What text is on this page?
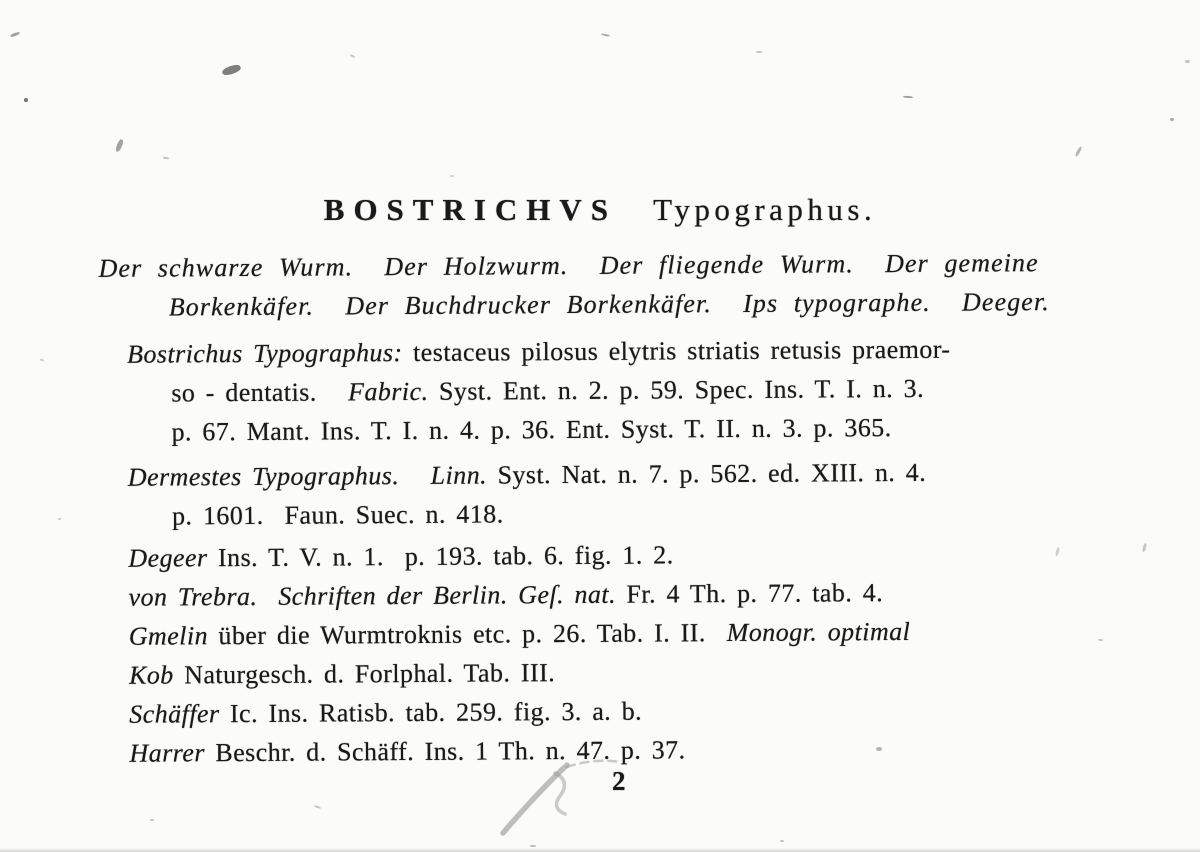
BOSTRICHVS Typographus.
Der schwarze Wurm.  Der Holzwurm.  Der fliegende Wurm.  Der gemeine
Borkenkäfer.  Der Buchdrucker Borkenkäfer.  Ips typographe.  Deeger.
Bostrichus Typographus: testaceus pilosus elytris striatis retusis praemor-
so - dentatis.   Fabric. Syst. Ent. n. 2. p. 59. Spec. Ins. T. I. n. 3.
p. 67. Mant. Ins. T. I. n. 4. p. 36. Ent. Syst. T. II. n. 3. p. 365.
Dermestes Typographus. Linn. Syst. Nat. n. 7. p. 562. ed. XIII. n. 4.
p. 1601.  Faun. Suec. n. 418.
Degeer Ins. T. V. n. 1.  p. 193. tab. 6. fig. 1. 2.
von Trebra.  Schriften der Berlin. Geſ. nat. Fr. 4 Th. p. 77. tab. 4.
Gmelin über die Wurmtroknis etc. p. 26. Tab. I. II.  Monogr. optimal
Kob Naturgesch. d. Forlphal. Tab. III.
Schäffer Ic. Ins. Ratisb. tab. 259. fig. 3. a. b.
Harrer Beschr. d. Schäff. Ins. 1 Th. n. 47. p. 37.
2
